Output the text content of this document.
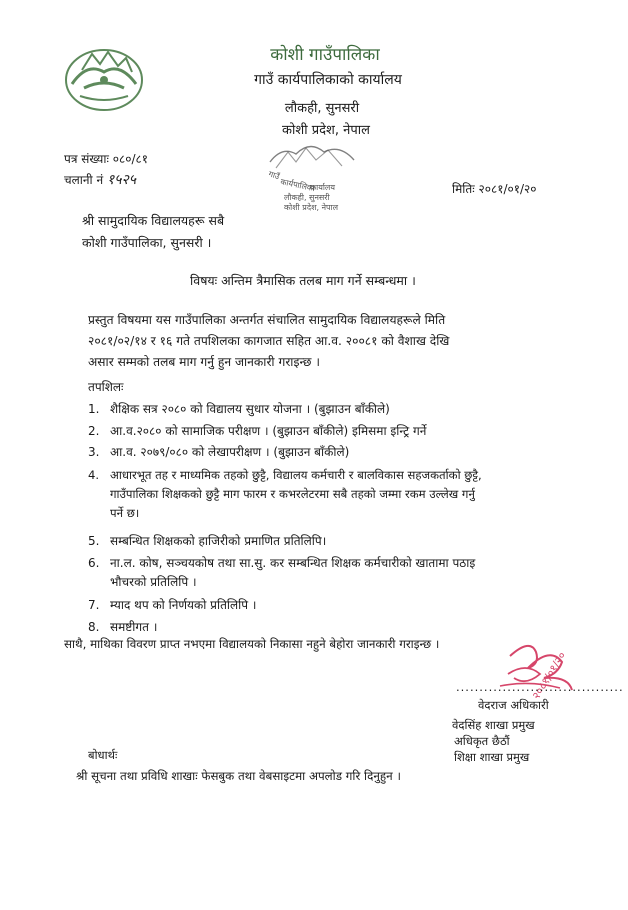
कोशी गाउँपालिका
गाउँ कार्यपालिकाको कार्यालय
लौकही, सुनसरी
कोशी प्रदेश, नेपाल
गाउँ
कार्यपालिका
कार्यालय
लौकही, सुनसरी
कोशी प्रदेश, नेपाल
पत्र संख्याः ०८०/८१
चलानी नं १५२५
मितिः २०८१/०१/२०
श्री सामुदायिक विद्यालयहरू सबै
कोशी गाउँपालिका, सुनसरी ।
विषयः अन्तिम त्रैमासिक तलब माग गर्ने सम्बन्धमा ।
प्रस्तुत विषयमा यस गाउँपालिका अन्तर्गत संचालित सामुदायिक विद्यालयहरूले मिति
२०८१/०२/१४ र १६ गते तपशिलका कागजात सहित आ.व. २००८१ को वैशाख देखि
असार सम्मको तलब माग गर्नु हुन जानकारी गराइन्छ ।
तपशिलः
1. शैक्षिक सत्र २०८० को विद्यालय सुधार योजना । (बुझाउन बाँकीले)
2. आ.व.२०८० को सामाजिक परीक्षण । (बुझाउन बाँकीले) इमिसमा इन्ट्रि गर्ने
3. आ.व. २०७९/०८० को लेखापरीक्षण । (बुझाउन बाँकीले)
4. आधारभूत तह र माध्यमिक तहको छुट्टै, विद्यालय कर्मचारी र बालविकास सहजकर्ताको छुट्टै,
गाउँपालिका शिक्षकको छुट्टै माग फारम र कभरलेटरमा सबै तहको जम्मा रकम उल्लेख गर्नु
पर्ने छ।
5. सम्बन्धित शिक्षकको हाजिरीको प्रमाणित प्रतिलिपि।
6. ना.ल. कोष, सञ्चयकोष तथा सा.सु. कर सम्बन्धित शिक्षक कर्मचारीको खातामा पठाइ
भौचरको प्रतिलिपि ।
7. म्याद थप को निर्णयको प्रतिलिपि ।
8. समष्टीगत ।
साथै, माथिका विवरण प्राप्त नभएमा विद्यालयको निकासा नहुने बेहोरा जानकारी गराइन्छ ।
२०८१/०१/२०
....................................
वेदराज अधिकारी
वेदसिंह शाखा प्रमुख
अधिकृत छैठौं
शिक्षा शाखा प्रमुख
बोधार्थः
श्री सूचना तथा प्रविधि शाखाः फेसबुक तथा वेबसाइटमा अपलोड गरि दिनुहुन ।
